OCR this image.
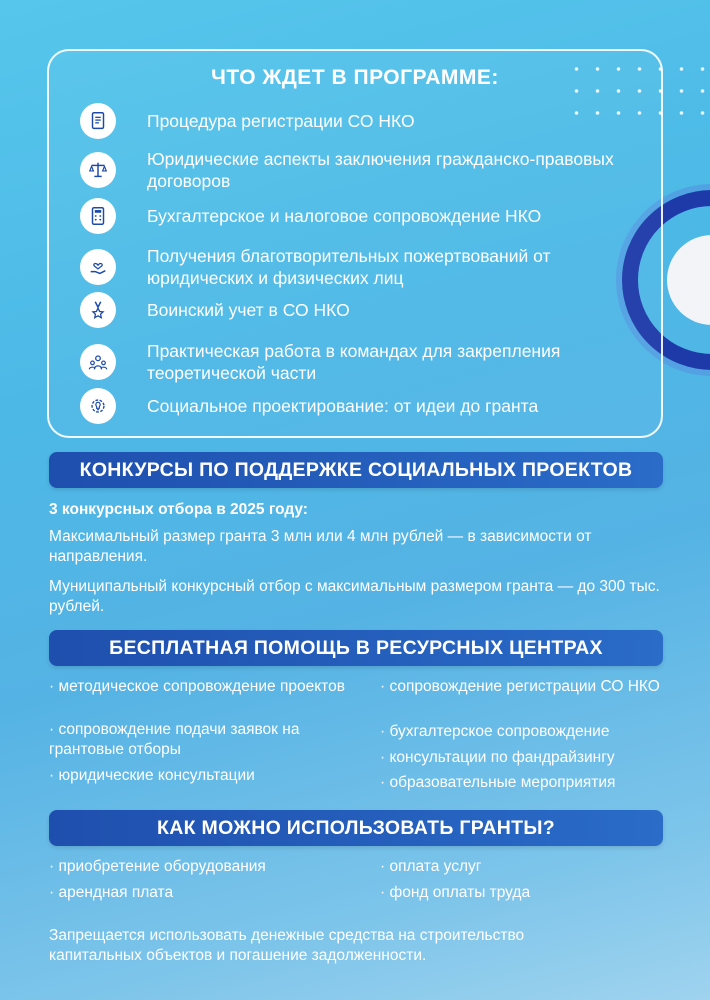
ЧТО ЖДЕТ В ПРОГРАММЕ:
Процедура регистрации СО НКО
Юридические аспекты заключения гражданско-правовых договоров
Бухгалтерское и налоговое сопровождение НКО
Получения благотворительных пожертвований от юридических и физических лиц
Воинский учет в СО НКО
Практическая работа в командах для закрепления теоретической части
Социальное проектирование: от идеи до гранта
КОНКУРСЫ ПО ПОДДЕРЖКЕ СОЦИАЛЬНЫХ ПРОЕКТОВ
3 конкурсных отбора в 2025 году:
Максимальный размер гранта 3 млн или 4 млн рублей — в зависимости от направления.
Муниципальный конкурсный отбор с максимальным размером гранта — до 300 тыс. рублей.
БЕСПЛАТНАЯ ПОМОЩЬ В РЕСУРСНЫХ ЦЕНТРАХ
· методическое сопровождение проектов
· сопровождение подачи заявок на грантовые отборы
· юридические консультации
· сопровождение регистрации СО НКО
· бухгалтерское сопровождение
· консультации по фандрайзингу
· образовательные мероприятия
КАК МОЖНО ИСПОЛЬЗОВАТЬ ГРАНТЫ?
· приобретение оборудования
· арендная плата
· оплата услуг
· фонд оплаты труда
Запрещается использовать денежные средства на строительство капитальных объектов и погашение задолженности.
